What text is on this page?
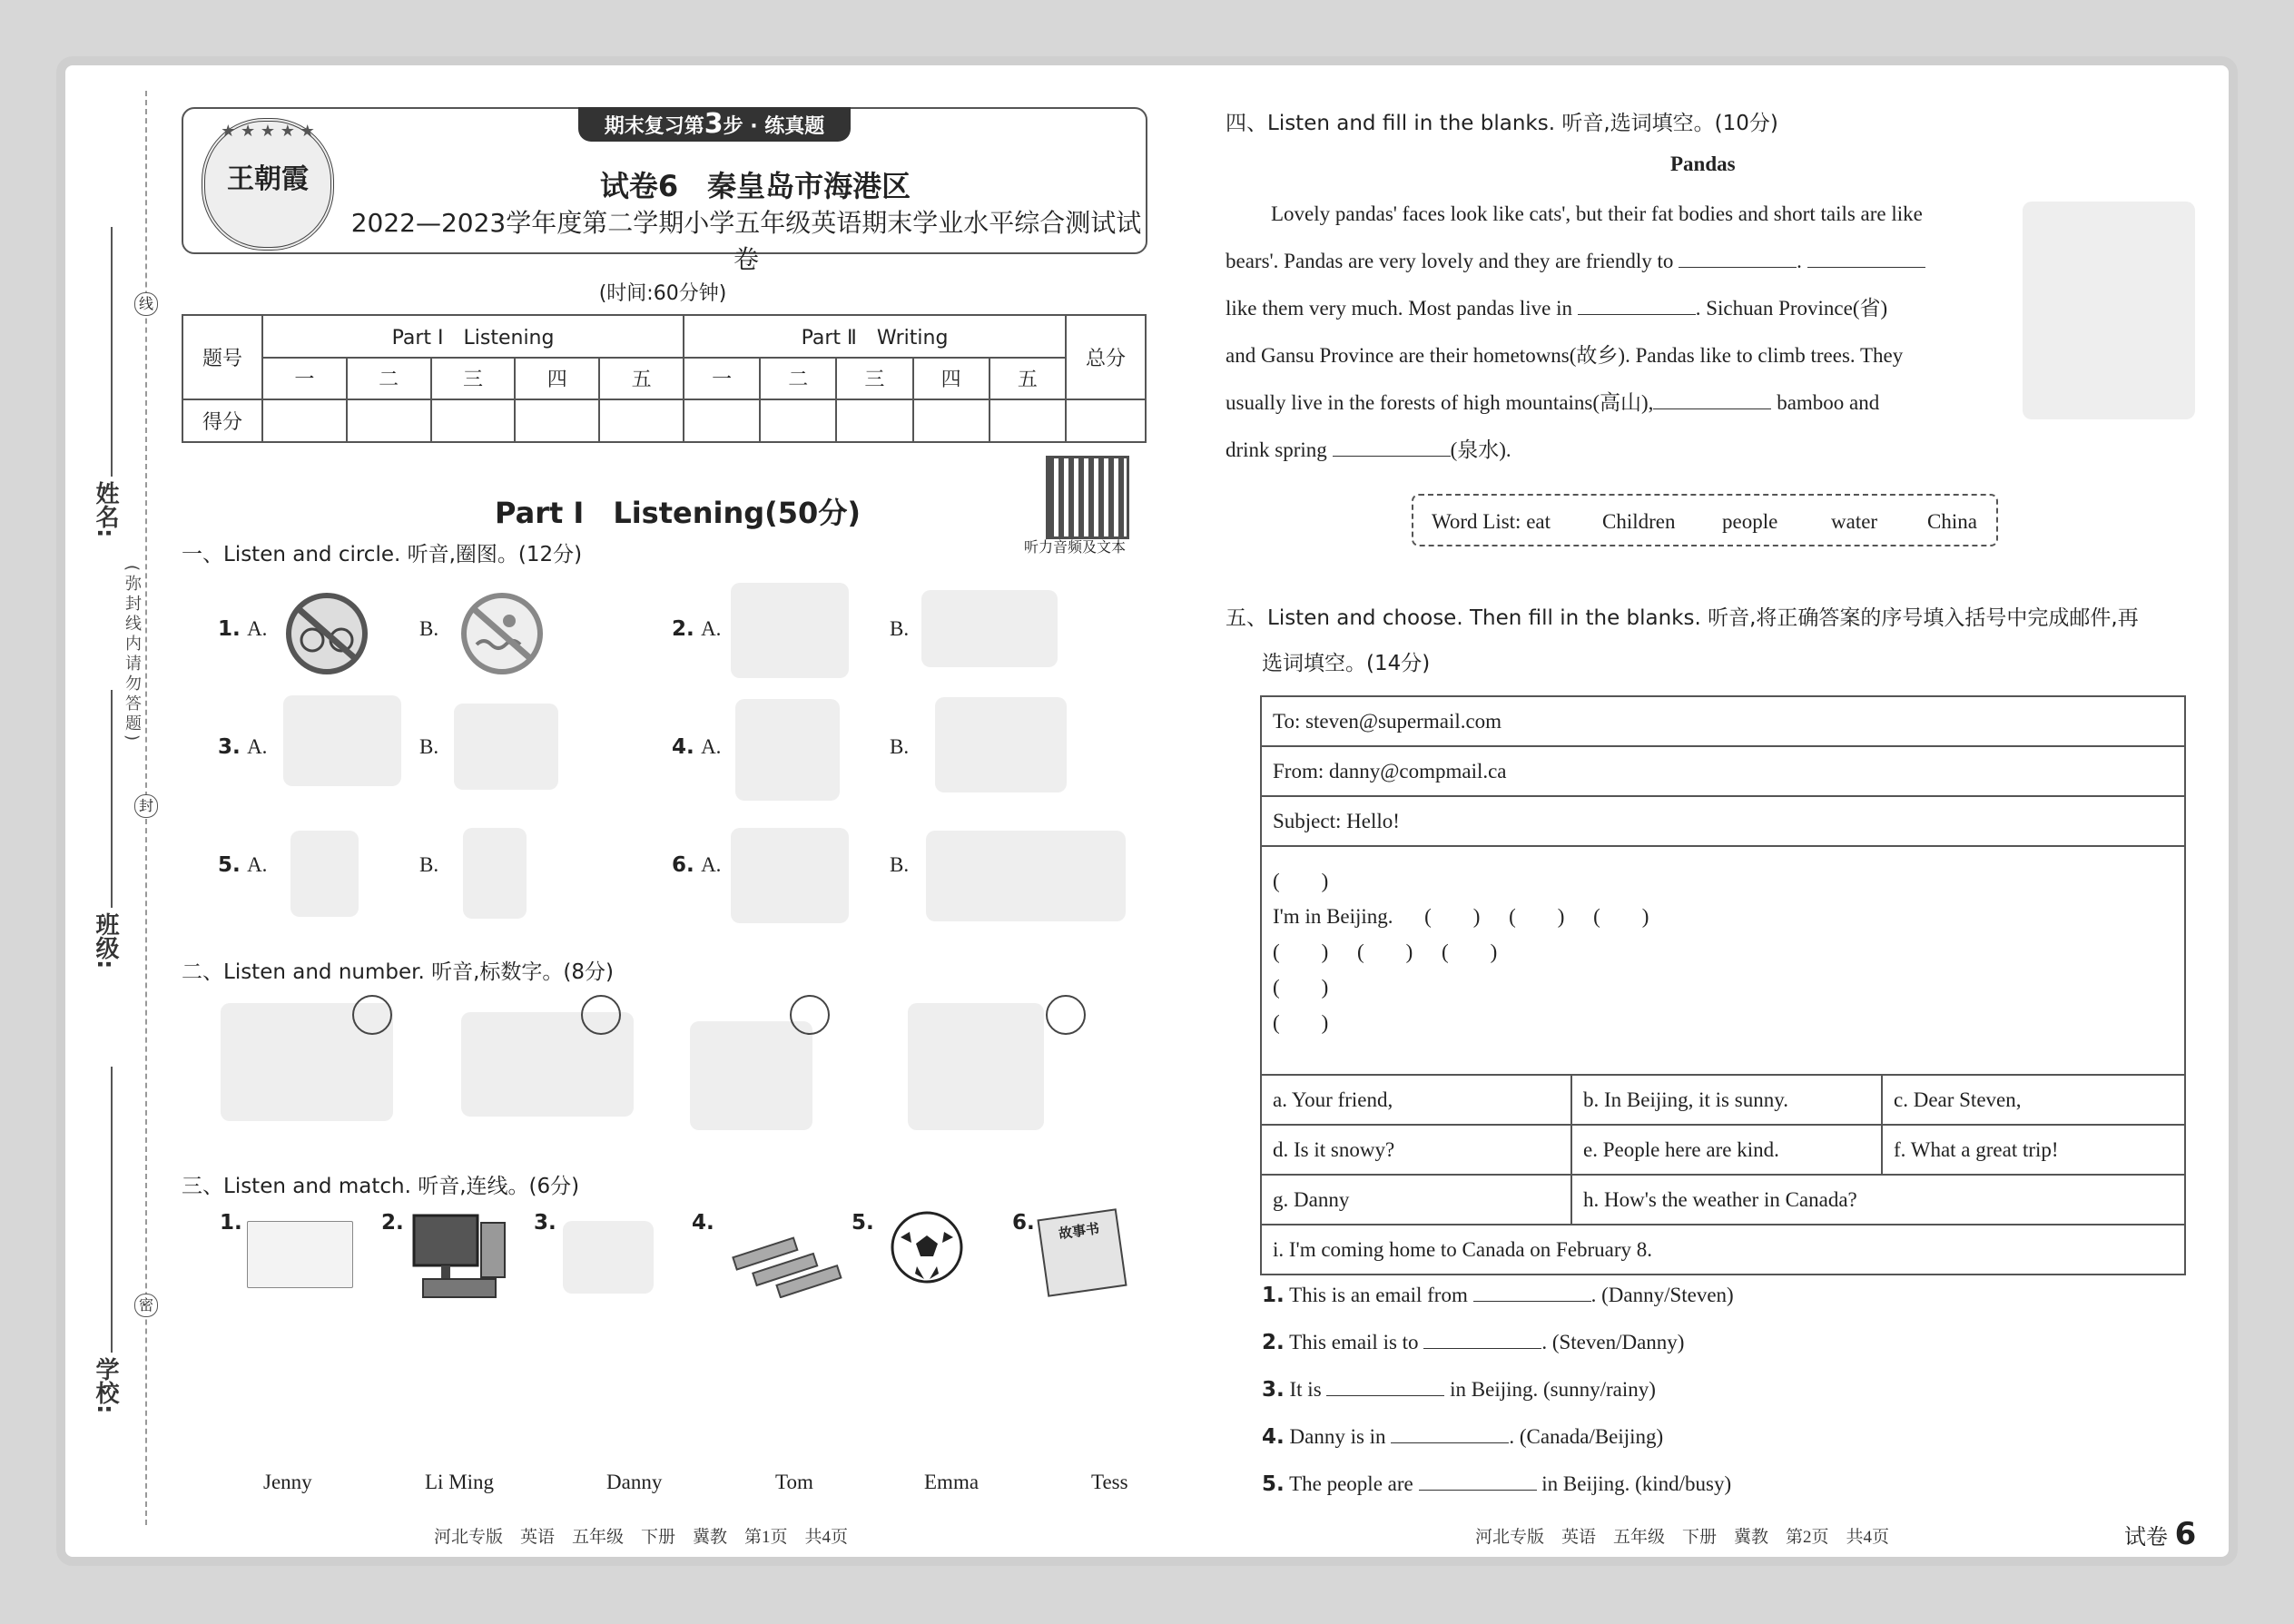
姓名:
班级:
学校:
线
封
密
(弥封线内请勿答题)
期末复习第3步 · 练真题
★ ★ ★ ★ ★
王朝霞	试卷6　秦皇岛市海港区
2022—2023学年度第二学期小学五年级英语期末学业水平综合测试试卷
(时间:60分钟)
题号	Part Ⅰ　Listening					Part Ⅱ　Writing					总分
	一	二	三	四	五	一	二	三	四	五	
得分											
Part Ⅰ　Listening(50分)
听力音频及文本
一、Listen and circle. 听音,圈图。(12分)
1. A.	B.	2. A.	B.
3. A.	B.	4. A.	B.
5. A.	B.	6. A.	B.
二、Listen and number. 听音,标数字。(8分)
三、Listen and match. 听音,连线。(6分)
1.	2.	3.	4.	5.	6.	故事书
Jenny	Li Ming	Danny	Tom	Emma	Tess
河北专版　英语　五年级　下册　冀教　第1页　共4页
四、Listen and fill in the blanks. 听音,选词填空。(10分)
Pandas
Lovely pandas' faces look like cats', but their fat bodies and short tails are like
bears'. Pandas are very lovely and they are friendly to	.
like them very much. Most pandas live in	. Sichuan Province(省)
and Gansu Province are their hometowns(故乡). Pandas like to climb trees. They
usually live in the forests of high mountains(高山),	bamboo and
drink spring	(泉水).
Word List: eat Children people	water China
五、Listen and choose. Then fill in the blanks. 听音,将正确答案的序号填入括号中完成邮件,再
选词填空。(14分)
To: steven@supermail.com		
From: danny@compmail.ca		
Subject: Hello!		

(　　)
I'm in Beijing.   (　　)  (　　)  (　　)
(　　)  (　　)  (　　)
(　　)
(　　)		

a. Your friend,	b. In Beijing, it is sunny.	c. Dear Steven,
d. Is it snowy?	e. People here are kind.	f. What a great trip!
g. Danny	h. How's the weather in Canada?	
i. I'm coming home to Canada on February 8.		
1. This is an email from	. (Danny/Steven)
2. This email is to	. (Steven/Danny)
3. It is	in Beijing. (sunny/rainy)
4. Danny is in	. (Canada/Beijing)
5. The people are	in Beijing. (kind/busy)
河北专版　英语　五年级　下册　冀教　第2页　共4页	试卷 6
